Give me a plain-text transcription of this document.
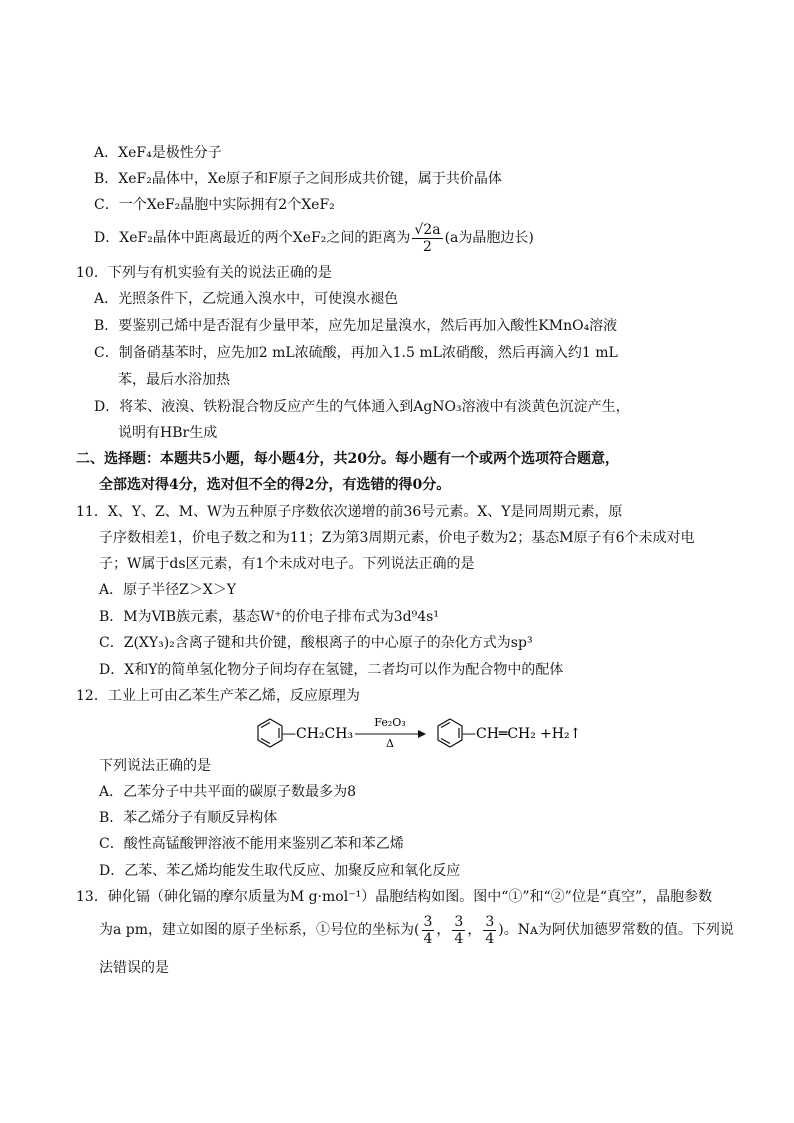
A．XeF₄是极性分子
B．XeF₂晶体中，Xe原子和F原子之间形成共价键，属于共价晶体
C．一个XeF₂晶胞中实际拥有2个XeF₂
D．XeF₂晶体中距离最近的两个XeF₂之间的距离为 $\frac{√2a}{2} (a$为晶胞边长)
10．下列与有机实验有关的说法正确的是
A．光照条件下，乙烷通入溴水中，可使溴水褪色
B．要鉴别己烯中是否混有少量甲苯，应先加足量溴水，然后再加入酸性KMnO₄溶液
C．制备硝基苯时，应先加2 mL浓硫酸，再加入1.5 mL浓硝酸，然后再滴入约1 mL
苯，最后水浴加热
D．将苯、液溴、铁粉混合物反应产生的气体通入到AgNO₃溶液中有淡黄色沉淀产生，
说明有HBr生成
二、选择题：本题共5小题，每小题4分，共20分。每小题有一个或两个选项符合题意，
全部选对得4分，选对但不全的得2分，有选错的得0分。
11．X、Y、Z、M、W为五种原子序数依次递增的前36号元素。X、Y是同周期元素，原
子序数相差1，价电子数之和为11；Z为第3周期元素，价电子数为2；基态M原子有6个未成对电
子；W属于ds区元素，有1个未成对电子。下列说法正确的是
A．原子半径Z＞X＞Y
B．M为ⅥB族元素，基态W⁺的价电子排布式为3d⁹4s¹
C．Z(XY₃)₂含离子键和共价键，酸根离子的中心原子的杂化方式为sp³
D．X和Y的简单氢化物分子间均存在氢键，二者均可以作为配合物中的配体
12．工业上可由乙苯生产苯乙烯，反应原理为
—CH₂CH₃
Fe₂O₃
Δ
—CH═CH₂ +H₂↑
下列说法正确的是
A．乙苯分子中共平面的碳原子数最多为8
B．苯乙烯分子有顺反异构体
C．酸性高锰酸钾溶液不能用来鉴别乙苯和苯乙烯
D．乙苯、苯乙烯均能发生取代反应、加聚反应和氧化反应
13．砷化镉（砷化镉的摩尔质量为M g·mol⁻¹）晶胞结构如图。图中“①”和“②”位是“真空”，晶胞参数
为a pm，建立如图的原子坐标系，①号位的坐标为( $\frac{3}{4}$ ， $\frac{3}{4}$ ， $\frac{3}{4}$ )。Nᴀ为阿伏加德罗常数的值。下列说
法错误的是
